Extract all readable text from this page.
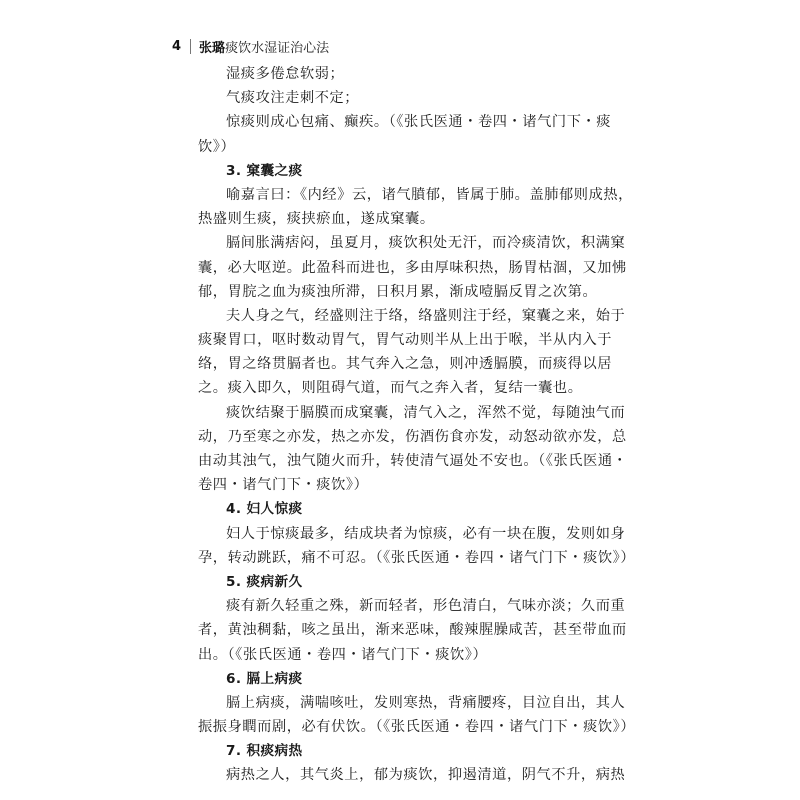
4 张璐 痰饮水湿证治心法
湿痰多倦怠软弱；
气痰攻注走刺不定；
惊痰则成心包痛、癫疾。（《张氏医通・卷四・诸气门下・痰
饮》）
3. 窠囊之痰
喻嘉言曰：《内经》云，诸气膹郁，皆属于肺。盖肺郁则成热，
热盛则生痰，痰挟瘀血，遂成窠囊。
膈间胀满痞闷，虽夏月，痰饮积处无汗，而冷痰清饮，积满窠
囊，必大呕逆。此盈科而进也，多由厚味积热，肠胃枯涸，又加怫
郁，胃脘之血为痰浊所滞，日积月累，渐成噎膈反胃之次第。
夫人身之气，经盛则注于络，络盛则注于经，窠囊之来，始于
痰聚胃口，呕时数动胃气，胃气动则半从上出于喉，半从内入于
络，胃之络贯膈者也。其气奔入之急，则冲透膈膜，而痰得以居
之。痰入即久，则阻碍气道，而气之奔入者，复结一囊也。
痰饮结聚于膈膜而成窠囊，清气入之，浑然不觉，每随浊气而
动，乃至寒之亦发，热之亦发，伤酒伤食亦发，动怒动欲亦发，总
由动其浊气，浊气随火而升，转使清气逼处不安也。（《张氏医通・
卷四・诸气门下・痰饮》）
4. 妇人惊痰
妇人于惊痰最多，结成块者为惊痰，必有一块在腹，发则如身
孕，转动跳跃，痛不可忍。（《张氏医通・卷四・诸气门下・痰饮》）
5. 痰病新久
痰有新久轻重之殊，新而轻者，形色清白，气味亦淡；久而重
者，黄浊稠黏，咳之虽出，渐来恶味，酸辣腥臊咸苦，甚至带血而
出。（《张氏医通・卷四・诸气门下・痰饮》）
6. 膈上病痰
膈上病痰，满喘咳吐，发则寒热，背痛腰疼，目泣自出，其人
振振身瞤而剧，必有伏饮。（《张氏医通・卷四・诸气门下・痰饮》）
7. 积痰病热
病热之人，其气炎上，郁为痰饮，抑遏清道，阴气不升，病热
